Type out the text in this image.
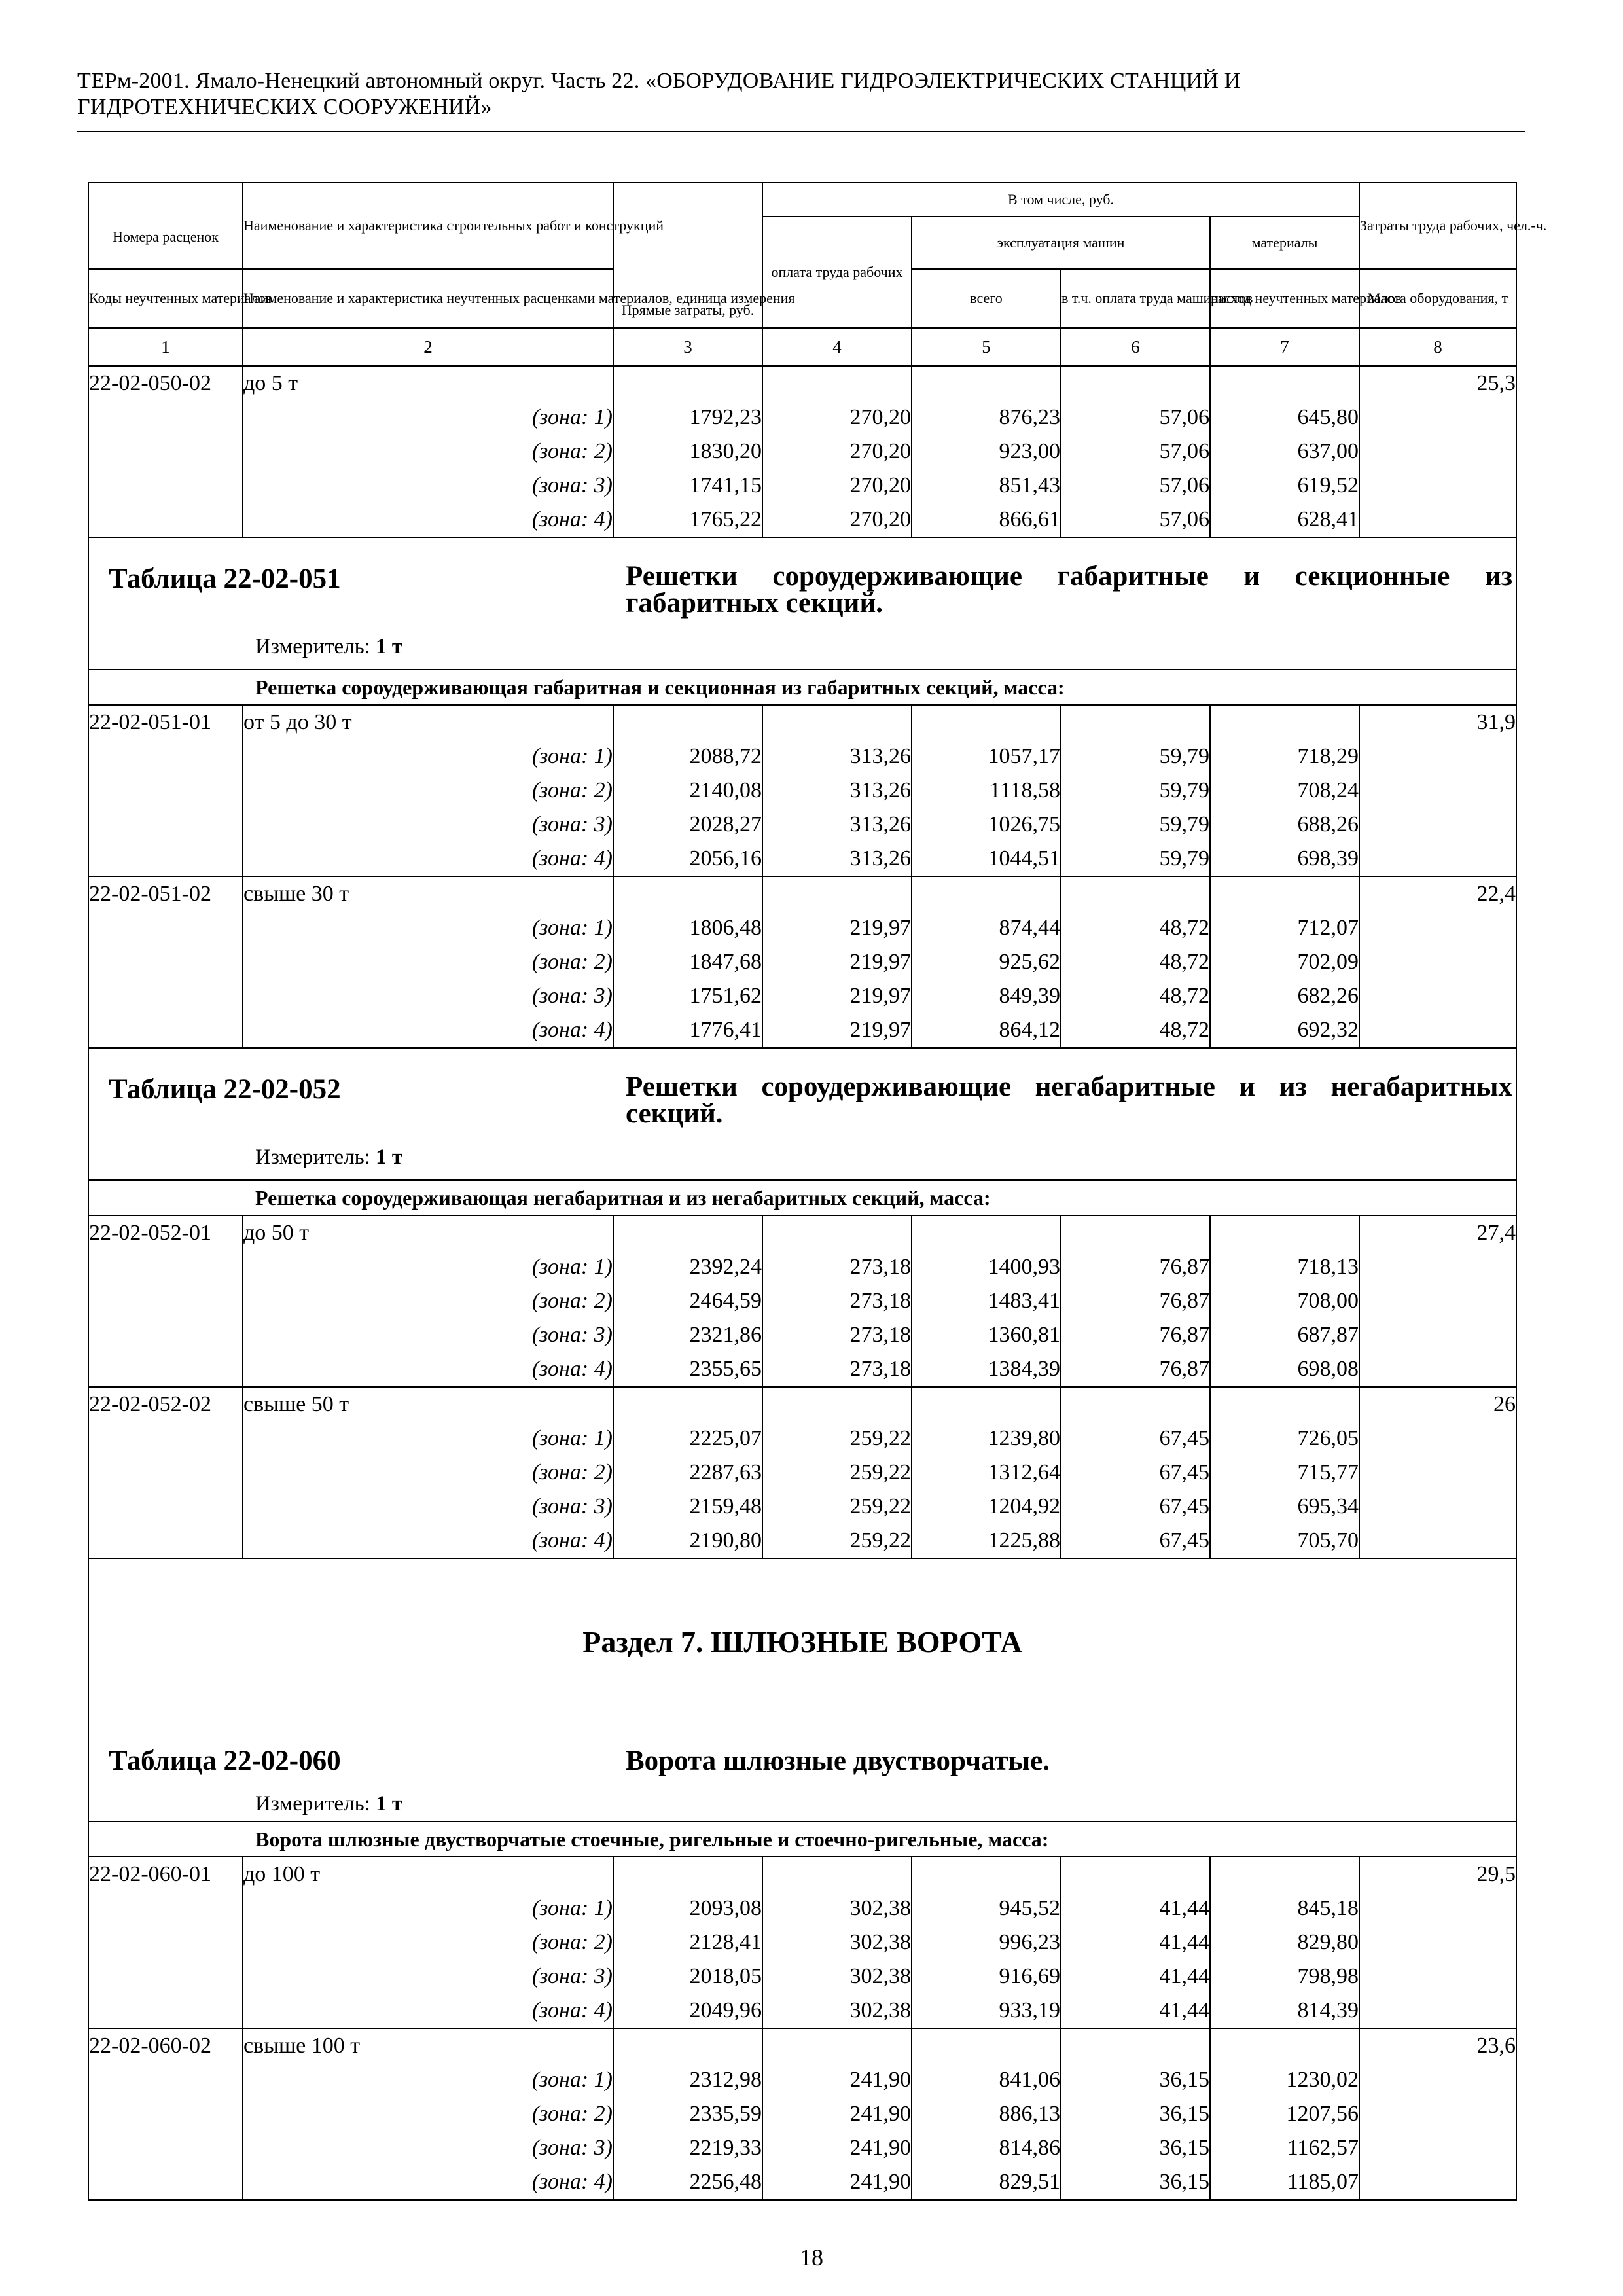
ТЕРм-2001. Ямало-Ненецкий автономный округ. Часть 22. «ОБОРУДОВАНИЕ ГИДРОЭЛЕКТРИЧЕСКИХ СТАНЦИЙ И
ГИДРОТЕХНИЧЕСКИХ СООРУЖЕНИЙ»
Номера расценок	Наименование и характеристика строительных работ и конструкций	Прямые затраты, руб.	В том числе, руб.				Затраты труда рабочих, чел.-ч.
			оплата труда рабочих	эксплуатация машин		материалы	
				всего	в т.ч. оплата труда машинистов	расход неучтенных материалов	
Коды неучтенных материалов	Наименование и характеристика неучтенных расценками материалов, единица измерения						Масса оборудования, т
1	2	3	4	5	6	7	8
22-02-050-02	до 5 т						25,3
	(зона: 1)	1792,23	270,20	876,23	57,06	645,80	
	(зона: 2)	1830,20	270,20	923,00	57,06	637,00	
	(зона: 3)	1741,15	270,20	851,43	57,06	619,52	
	(зона: 4)	1765,22	270,20	866,61	57,06	628,41	

Таблица 22-02-051 Решетки сороудерживающие габаритные и секционные из габаритных секций.
Измеритель: 1 т							

Решетка сороудерживающая габаритная и секционная из габаритных секций, масса:							
22-02-051-01	от 5 до 30 т						31,9
	(зона: 1)	2088,72	313,26	1057,17	59,79	718,29	
	(зона: 2)	2140,08	313,26	1118,58	59,79	708,24	
	(зона: 3)	2028,27	313,26	1026,75	59,79	688,26	
	(зона: 4)	2056,16	313,26	1044,51	59,79	698,39	
22-02-051-02	свыше 30 т						22,4
	(зона: 1)	1806,48	219,97	874,44	48,72	712,07	
	(зона: 2)	1847,68	219,97	925,62	48,72	702,09	
	(зона: 3)	1751,62	219,97	849,39	48,72	682,26	
	(зона: 4)	1776,41	219,97	864,12	48,72	692,32	

Таблица 22-02-052 Решетки сороудерживающие негабаритные и из негабаритных секций.
Измеритель: 1 т							

Решетка сороудерживающая негабаритная и из негабаритных секций, масса:							
22-02-052-01	до 50 т						27,4
	(зона: 1)	2392,24	273,18	1400,93	76,87	718,13	
	(зона: 2)	2464,59	273,18	1483,41	76,87	708,00	
	(зона: 3)	2321,86	273,18	1360,81	76,87	687,87	
	(зона: 4)	2355,65	273,18	1384,39	76,87	698,08	
22-02-052-02	свыше 50 т						26
	(зона: 1)	2225,07	259,22	1239,80	67,45	726,05	
	(зона: 2)	2287,63	259,22	1312,64	67,45	715,77	
	(зона: 3)	2159,48	259,22	1204,92	67,45	695,34	
	(зона: 4)	2190,80	259,22	1225,88	67,45	705,70	

Раздел 7. ШЛЮЗНЫЕ ВОРОТА
Таблица 22-02-060 Ворота шлюзные двустворчатые.
Измеритель: 1 т							

Ворота шлюзные двустворчатые стоечные, ригельные и стоечно-ригельные, масса:							
22-02-060-01	до 100 т						29,5
	(зона: 1)	2093,08	302,38	945,52	41,44	845,18	
	(зона: 2)	2128,41	302,38	996,23	41,44	829,80	
	(зона: 3)	2018,05	302,38	916,69	41,44	798,98	
	(зона: 4)	2049,96	302,38	933,19	41,44	814,39	
22-02-060-02	свыше 100 т						23,6
	(зона: 1)	2312,98	241,90	841,06	36,15	1230,02	
	(зона: 2)	2335,59	241,90	886,13	36,15	1207,56	
	(зона: 3)	2219,33	241,90	814,86	36,15	1162,57	
	(зона: 4)	2256,48	241,90	829,51	36,15	1185,07	
18
